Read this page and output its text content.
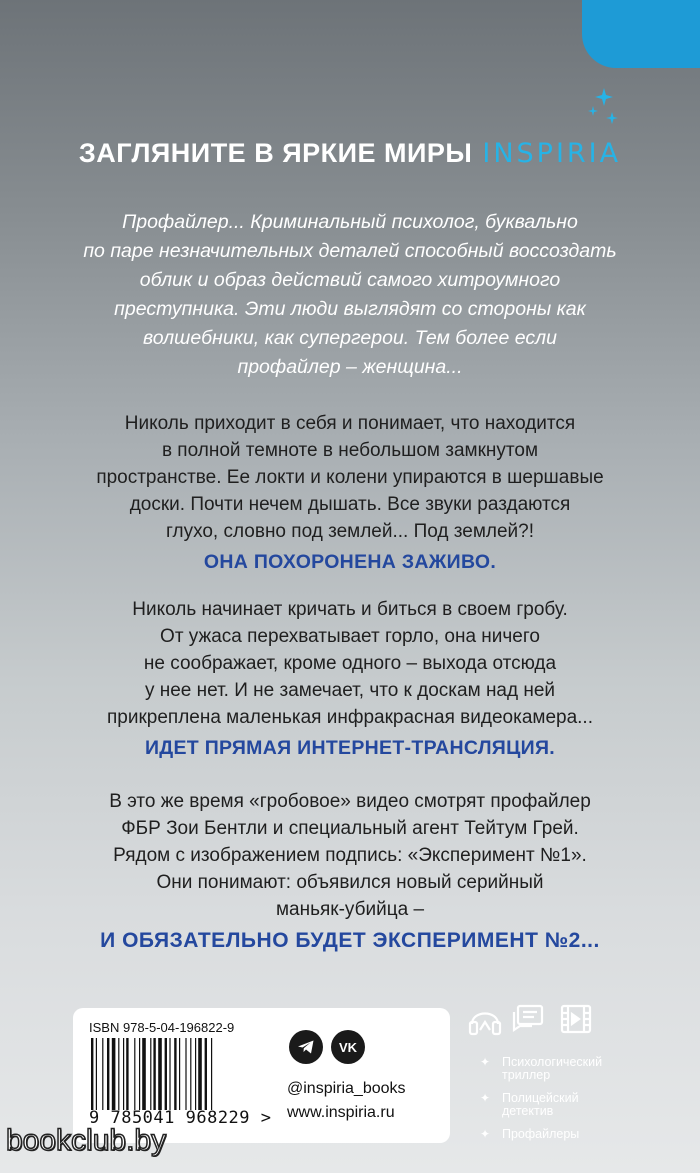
ЗАГЛЯНИТЕ В ЯРКИЕ МИРЫ INSPIRIA

Профайлер... Криминальный психолог, буквально

по паре незначительных деталей способный воссоздать

облик и образ действий самого хитроумного

преступника. Эти люди выглядят со стороны как

волшебники, как супергерои. Тем более если

профайлер – женщина...

Николь приходит в себя и понимает, что находится

в полной темноте в небольшом замкнутом

пространстве. Ее локти и колени упираются в шершавые

доски. Почти нечем дышать. Все звуки раздаются

глухо, словно под землей... Под землей?!

ОНА ПОХОРОНЕНА ЗАЖИВО.

Николь начинает кричать и биться в своем гробу.

От ужаса перехватывает горло, она ничего

не соображает, кроме одного – выхода отсюда

у нее нет. И не замечает, что к доскам над ней

прикреплена маленькая инфракрасная видеокамера...

ИДЕТ ПРЯМАЯ ИНТЕРНЕТ-ТРАНСЛЯЦИЯ.

В это же время «гробовое» видео смотрят профайлер

ФБР Зои Бентли и специальный агент Тейтум Грей.

Рядом с изображением подпись: «Эксперимент №1».

Они понимают: объявился новый серийный

маньяк-убийца –

И ОБЯЗАТЕЛЬНО БУДЕТ ЭКСПЕРИМЕНТ №2...
ISBN 978-5-04-196822-9
9 785041 968229 >
VK
@inspiria_books
www.inspiria.ru
✦ Психологический
триллер
✦ Полицейский
детектив
✦ Профайлеры
bookclub.by
